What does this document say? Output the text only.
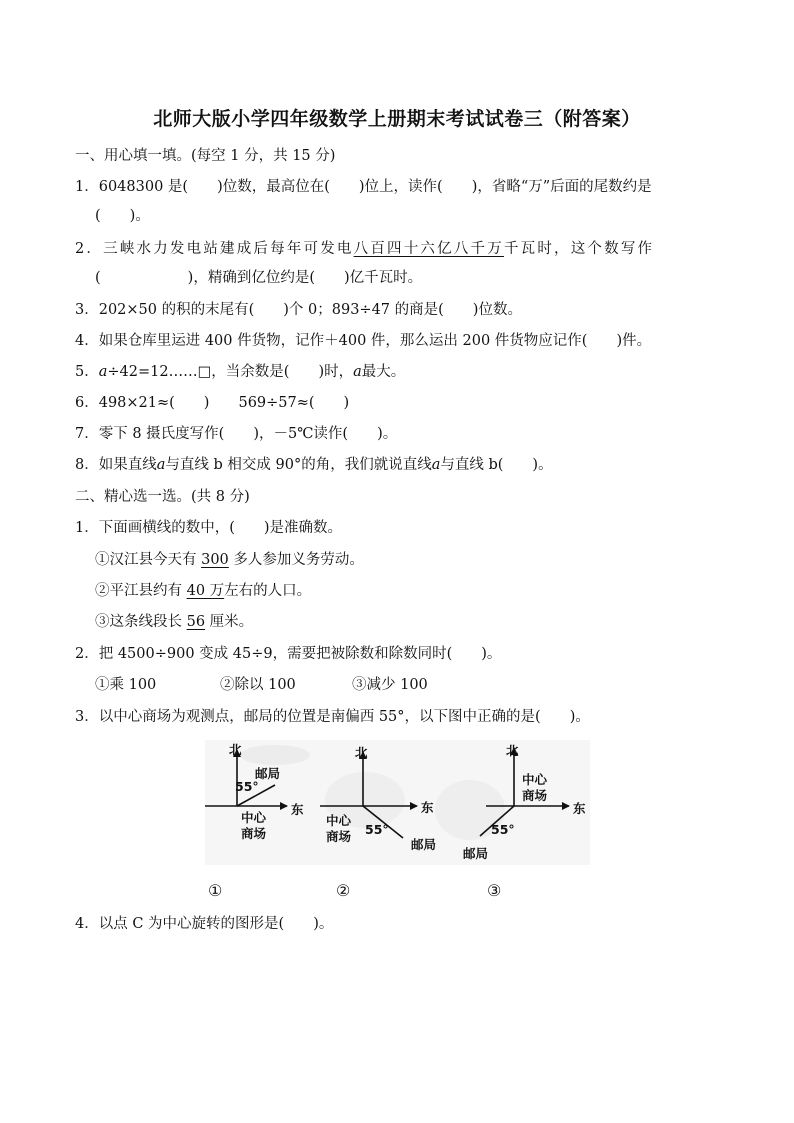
北师大版小学四年级数学上册期末考试试卷三（附答案）
一、用心填一填。(每空 1 分，共 15 分)
1．6048300 是(　　)位数，最高位在(　　)位上，读作(　　)，省略“万”后面的尾数约是
(　　)。
2．三峡水力发电站建成后每年可发电八百四十六亿八千万千瓦时，这个数写作
(　　　　　　)，精确到亿位约是(　　)亿千瓦时。
3．202×50 的积的末尾有(　　)个 0；893÷47 的商是(　　)位数。
4．如果仓库里运进 400 件货物，记作＋400 件，那么运出 200 件货物应记作(　　)件。
5．a÷42=12……□，当余数是(　　)时，a最大。
6．498×21≈(　　)　　569÷57≈(　　)
7．零下 8 摄氏度写作(　　)，－5℃读作(　　)。
8．如果直线a与直线 b 相交成 90°的角，我们就说直线a与直线 b(　　)。
二、精心选一选。(共 8 分)
1．下面画横线的数中，(　　)是准确数。
①汉江县今天有 300 多人参加义务劳动。
②平江县约有 40 万左右的人口。
③这条线段长 56 厘米。
2．把 4500÷900 变成 45÷9，需要把被除数和除数同时(　　)。
①乘 100	②除以 100	③减少 100
3．以中心商场为观测点，邮局的位置是南偏西 55°，以下图中正确的是(　　)。
北
东
55°
邮局
中心
商场
北
东
55°
邮局
中心
商场
北
东
55°
邮局
中心
商场
①	②	③
4．以点 C 为中心旋转的图形是(　　)。
